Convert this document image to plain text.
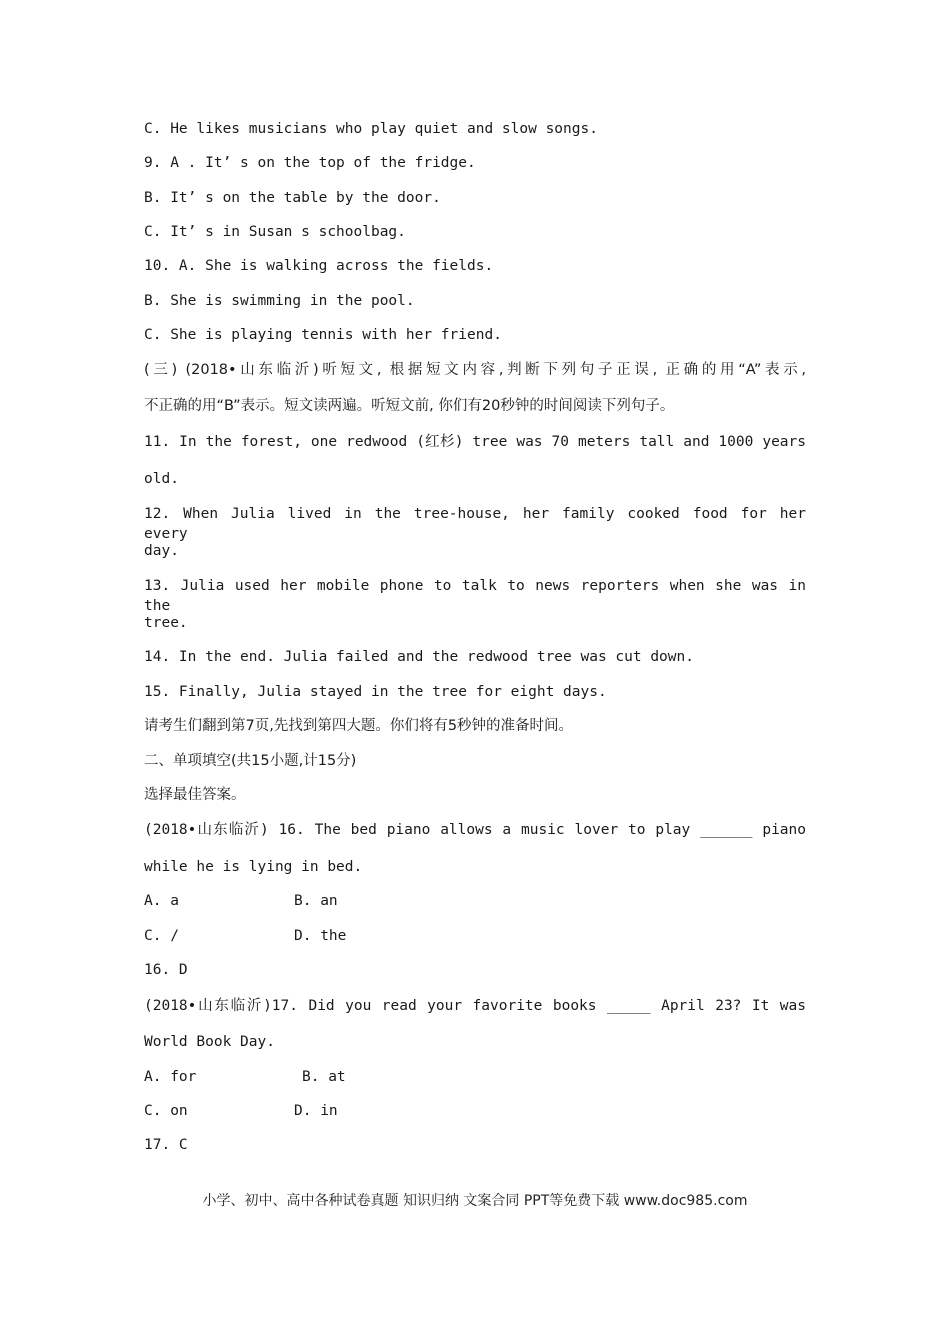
C. He likes musicians who play quiet and slow songs.
9. A . It’ s on the top of the fridge.
B. It’ s on the table by the door.
C. It’ s in Susan s schoolbag.
10. A. She is walking across the fields.
B. She is swimming in the pool.
C. She is playing tennis with her friend.
(三) (2018•山东临沂)听短文, 根据短文内容,判断下列句子正误, 正确的用“A”表示,
不正确的用“B”表示。短文读两遍。听短文前, 你们有20秒钟的时间阅读下列句子。
11. In the forest, one redwood (红杉) tree was 70 meters tall and 1000 years
old.
12. When Julia lived in the tree-house, her family cooked food for her every
day.
13. Julia used her mobile phone to talk to news reporters when she was in the
tree.
14. In the end. Julia failed and the redwood tree was cut down.
15. Finally, Julia stayed in the tree for eight days.
请考生们翻到第7页,先找到第四大题。你们将有5秒钟的准备时间。
二、单项填空(共15小题,计15分)
选择最佳答案。
(2018•山东临沂) 16. The bed piano allows a music lover to play ______ piano
while he is lying in bed.

A. a

	B. an

C. /

	D. the

16. D
(2018•山东临沂)17. Did you read your favorite books _____ April 23? It was
World Book Day.

A. for

	B. at

C. on

	D. in

17. C
小学、初中、高中各种试卷真题 知识归纳 文案合同 PPT等免费下载 www.doc985.com
